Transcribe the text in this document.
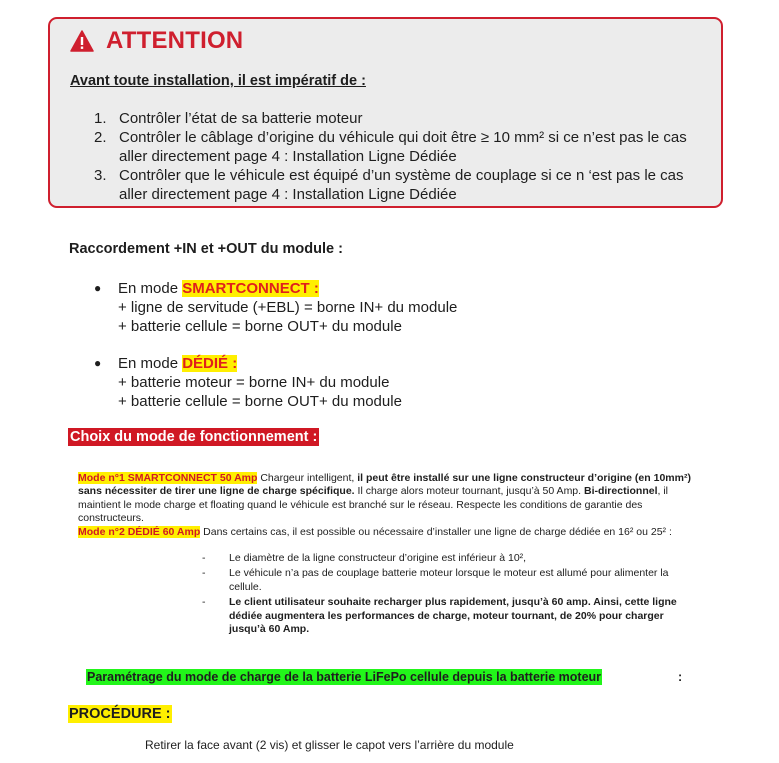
ATTENTION
Avant toute installation, il est impératif de :
1. Contrôler l’état de sa batterie moteur
2. Contrôler le câblage d’origine du véhicule qui doit être ≥ 10 mm² si ce n’est pas le cas aller directement page 4 : Installation Ligne Dédiée
3. Contrôler que le véhicule est équipé d’un système de couplage si ce n ‘est pas le cas aller directement page 4 : Installation Ligne Dédiée
Raccordement +IN et +OUT du module :
●	En mode SMARTCONNECT :
+ ligne de servitude (+EBL) = borne IN+ du module
+ batterie cellule = borne OUT+ du module
●	En mode DÉDIÉ :
+ batterie moteur = borne IN+ du module
+ batterie cellule = borne OUT+ du module
Choix du mode de fonctionnement :
Mode n°1 SMARTCONNECT 50 Amp Chargeur intelligent, il peut être installé sur une ligne constructeur d’origine (en 10mm²) sans nécessiter de tirer une ligne de charge spécifique. Il charge alors moteur tournant, jusqu’à 50 Amp. Bi-directionnel, il maintient le mode charge et floating quand le véhicule est branché sur le réseau. Respecte les conditions de garantie des constructeurs.
Mode n°2 DÉDIÉ 60 Amp Dans certains cas, il est possible ou nécessaire d’installer une ligne de charge dédiée en 16² ou 25² :
-	Le diamètre de la ligne constructeur d’origine est inférieur à 10²,
-	Le véhicule n’a pas de couplage batterie moteur lorsque le moteur est allumé pour alimenter la cellule.
-	Le client utilisateur souhaite recharger plus rapidement, jusqu’à 60 amp. Ainsi, cette ligne dédiée augmentera les performances de charge, moteur tournant, de 20% pour charger jusqu’à 60 Amp.
Paramétrage du mode de charge de la batterie LiFePo cellule depuis la batterie moteur	:
PROCÉDURE :
Retirer la face avant (2 vis) et glisser le capot vers l’arrière du module
